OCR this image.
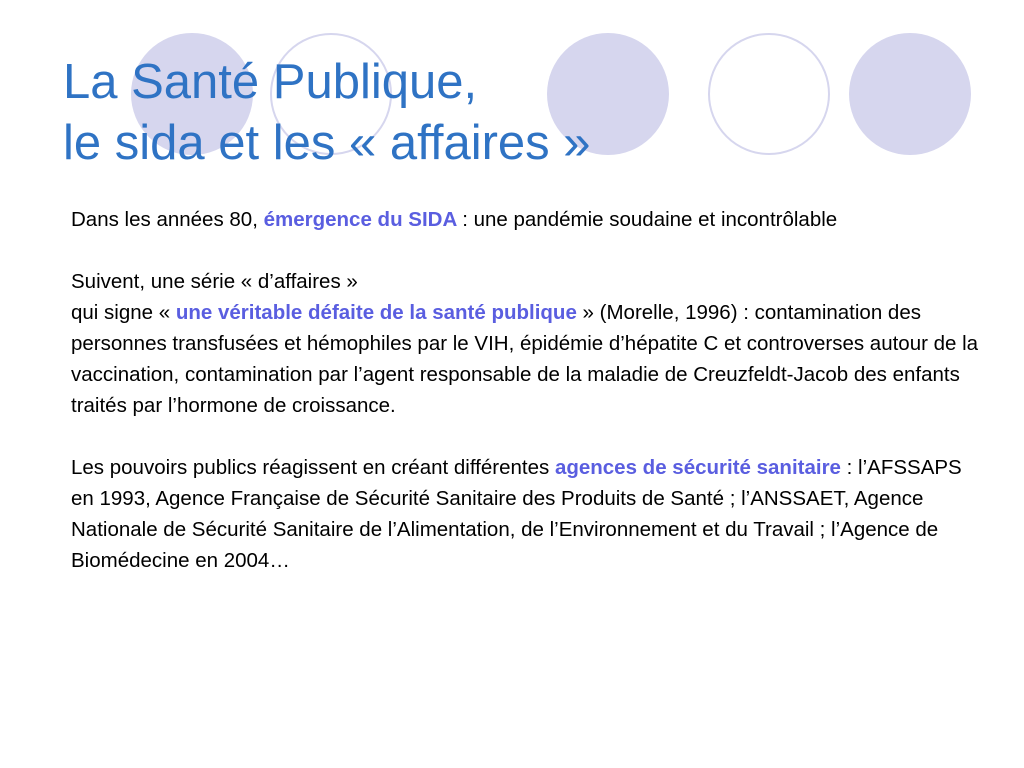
La Santé Publique,
le sida et les « affaires »

Dans les années 80, émergence du SIDA : une pandémie soudaine et incontrôlable

Suivent, une série « d’affaires »
qui signe « une véritable défaite de la santé publique » (Morelle, 1996) : contamination des personnes transfusées et hémophiles par le VIH, épidémie d’hépatite C et controverses autour de la vaccination, contamination par l’agent responsable de la maladie de Creuzfeldt-Jacob des enfants traités par l’hormone de croissance.

Les pouvoirs publics réagissent en créant différentes agences de sécurité sanitaire : l’AFSSAPS en 1993, Agence Française de Sécurité Sanitaire des Produits de Santé ; l’ANSSAET, Agence Nationale de Sécurité Sanitaire de l’Alimentation, de l’Environnement et du Travail ; l’Agence de Biomédecine en 2004…
